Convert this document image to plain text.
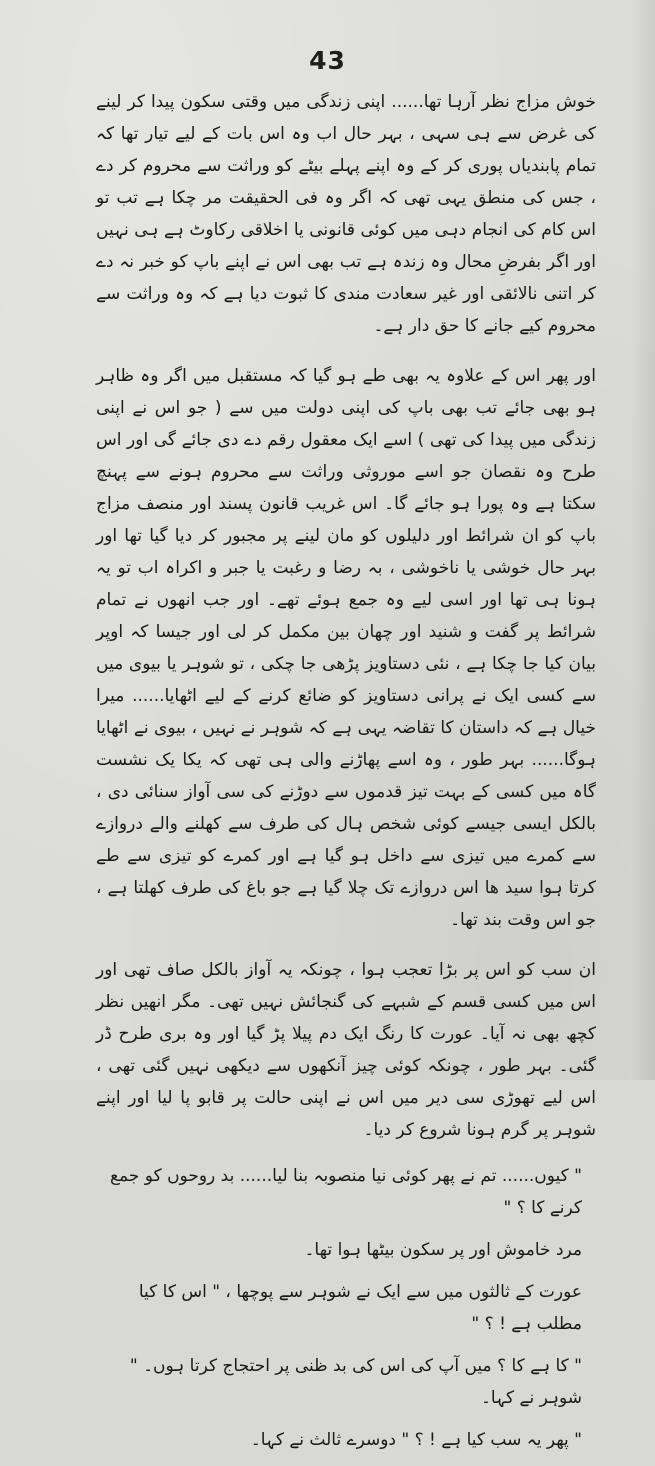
43

خوش مزاج نظر آرہا تھا...... اپنی زندگی میں وقتی سکون پیدا کر لینے کی غرض سے ہی سہی ، بہر حال اب وہ اس بات کے لیے تیار تھا کہ تمام پابندیاں پوری کر کے وہ اپنے پہلے بیٹے کو وراثت سے محروم کر دے ، جس کی منطق یہی تھی کہ اگر وہ فی الحقیقت مر چکا ہے تب تو اس کام کی انجام دہی میں کوئی قانونی یا اخلاقی رکاوٹ ہے ہی نہیں اور اگر بفرضِ محال وہ زندہ ہے تب بھی اس نے اپنے باپ کو خبر نہ دے کر اتنی نالائقی اور غیر سعادت مندی کا ثبوت دیا ہے کہ وہ وراثت سے محروم کیے جانے کا حق دار ہے۔

اور پھر اس کے علاوہ یہ بھی طے ہو گیا کہ مستقبل میں اگر وہ ظاہر ہو بھی جائے تب بھی باپ کی اپنی دولت میں سے ( جو اس نے اپنی زندگی میں پیدا کی تھی ) اسے ایک معقول رقم دے دی جائے گی اور اس طرح وہ نقصان جو اسے موروثی وراثت سے محروم ہونے سے پہنچ سکتا ہے وہ پورا ہو جائے گا۔ اس غریب قانون پسند اور منصف مزاج باپ کو ان شرائط اور دلیلوں کو مان لینے پر مجبور کر دیا گیا تھا اور بہر حال خوشی یا ناخوشی ، بہ رضا و رغبت یا جبر و اکراہ اب تو یہ ہونا ہی تھا اور اسی لیے وہ جمع ہوئے تھے۔ اور جب انھوں نے تمام شرائط پر گفت و شنید اور چھان بین مکمل کر لی اور جیسا کہ اوپر بیان کیا جا چکا ہے ، نئی دستاویز پڑھی جا چکی ، تو شوہر یا بیوی میں سے کسی ایک نے پرانی دستاویز کو ضائع کرنے کے لیے اٹھایا...... میرا خیال ہے کہ داستان کا تقاضہ یہی ہے کہ شوہر نے نہیں ، بیوی نے اٹھایا ہوگا...... بہر طور ، وہ اسے پھاڑنے والی ہی تھی کہ یکا یک نشست گاہ میں کسی کے بہت تیز قدموں سے دوڑنے کی سی آواز سنائی دی ، بالکل ایسی جیسے کوئی شخص ہال کی طرف سے کھلنے والے دروازے سے کمرے میں تیزی سے داخل ہو گیا ہے اور کمرے کو تیزی سے طے کرتا ہوا سید ھا اس دروازے تک چلا گیا ہے جو باغ کی طرف کھلتا ہے ، جو اس وقت بند تھا۔

ان سب کو اس پر بڑا تعجب ہوا ، چونکہ یہ آواز بالکل صاف تھی اور اس میں کسی قسم کے شبہے کی گنجائش نہیں تھی۔ مگر انھیں نظر کچھ بھی نہ آیا۔ عورت کا رنگ ایک دم پیلا پڑ گیا اور وہ بری طرح ڈر گئی۔ بہر طور ، چونکہ کوئی چیز آنکھوں سے دیکھی نہیں گئی تھی ، اس لیے تھوڑی سی دیر میں اس نے اپنی حالت پر قابو پا لیا اور اپنے شوہر پر گرم ہونا شروع کر دیا۔

" کیوں...... تم نے پھر کوئی نیا منصوبہ بنا لیا...... بد روحوں کو جمع کرنے کا ؟ "

مرد خاموش اور پر سکون بیٹھا ہوا تھا۔

عورت کے ثالثوں میں سے ایک نے شوہر سے پوچھا ، " اس کا کیا مطلب ہے ! ؟ "

" کا ہے کا ؟ میں آپ کی اس کی بد ظنی پر احتجاج کرتا ہوں۔ " شوہر نے کہا۔

" پھر یہ سب کیا ہے ! ؟ " دوسرے ثالث نے کہا۔
